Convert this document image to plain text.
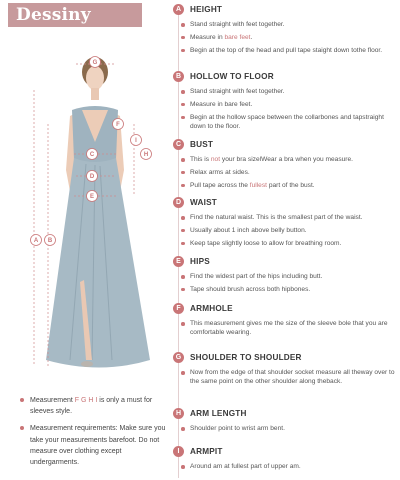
Dessiny
G
A B
C
D
E
F
I
H
Measurement F G H I is only a must for sleeves style.
Measurement requirements: Make sure you take your measurements barefoot. Do not measure over clothing except undergarments.
A	HEIGHT
Stand straight with feet together.
Measure in bare feet.
Begin at the top of the head and pull tape staight down tothe floor.
B	HOLLOW TO FLOOR
Stand straight with feet together.
Measure in bare feet.
Begin at the hollow space between the collarbones and tapstraight down to the floor.
C	BUST
This is not your bra sizelWear a bra when you measure.
Relax arms at sides.
Pull tape across the fullest part of the bust.
D	WAIST
Find the natural waist. This is the smallest part of the waist.
Usually about 1 inch above belly button.
Keep tape slightly loose to allow for breathing room.
E	HIPS
Find the widest part of the hips including butt.
Tape should brush across both hipbones.
F	ARMHOLE
This measurement gives me the size of the sleeve bole that you are comfortable wearing.
G	SHOULDER TO SHOULDER
Now from the edge of that shoulder socket measure all theway over to the same point on the other shoulder along theback.
H	ARM LENGTH
Shoulder point to wrist arm bent.
I	ARMPIT
Around am at fullest part of upper am.
